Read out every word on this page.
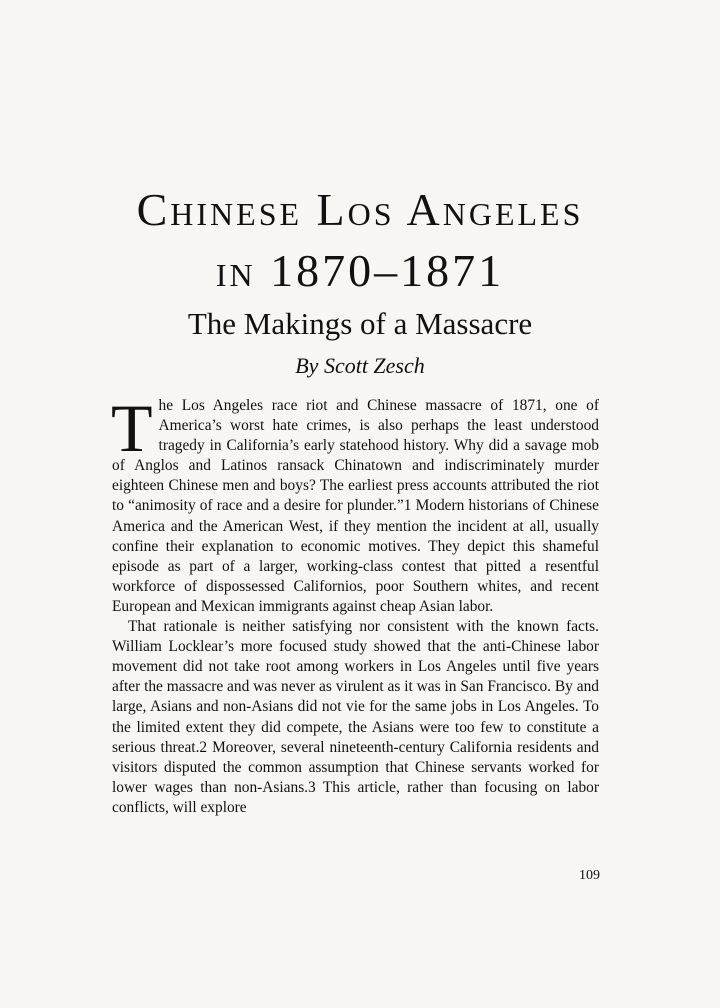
Chinese Los Angeles
in 1870–1871
The Makings of a Massacre
By Scott Zesch

The Los Angeles race riot and Chinese massacre of 1871, one of America’s worst hate crimes, is also perhaps the least understood tragedy in California’s early statehood history. Why did a savage mob of Anglos and Latinos ransack Chinatown and indiscriminately murder eighteen Chinese men and boys? The earliest press accounts attributed the riot to “animosity of race and a desire for plunder.”1 Modern historians of Chinese America and the American West, if they mention the incident at all, usually confine their explanation to economic motives. They depict this shameful episode as part of a larger, working-class contest that pitted a resentful workforce of dispossessed Californios, poor Southern whites, and recent European and Mexican immigrants against cheap Asian labor.

That rationale is neither satisfying nor consistent with the known facts. William Locklear’s more focused study showed that the anti-Chinese labor movement did not take root among workers in Los Angeles until five years after the massacre and was never as virulent as it was in San Francisco. By and large, Asians and non-Asians did not vie for the same jobs in Los Angeles. To the limited extent they did compete, the Asians were too few to constitute a serious threat.2 Moreover, several nineteenth-century California residents and visitors disputed the common assumption that Chinese servants worked for lower wages than non-Asians.3 This article, rather than focusing on labor conflicts, will explore

109
